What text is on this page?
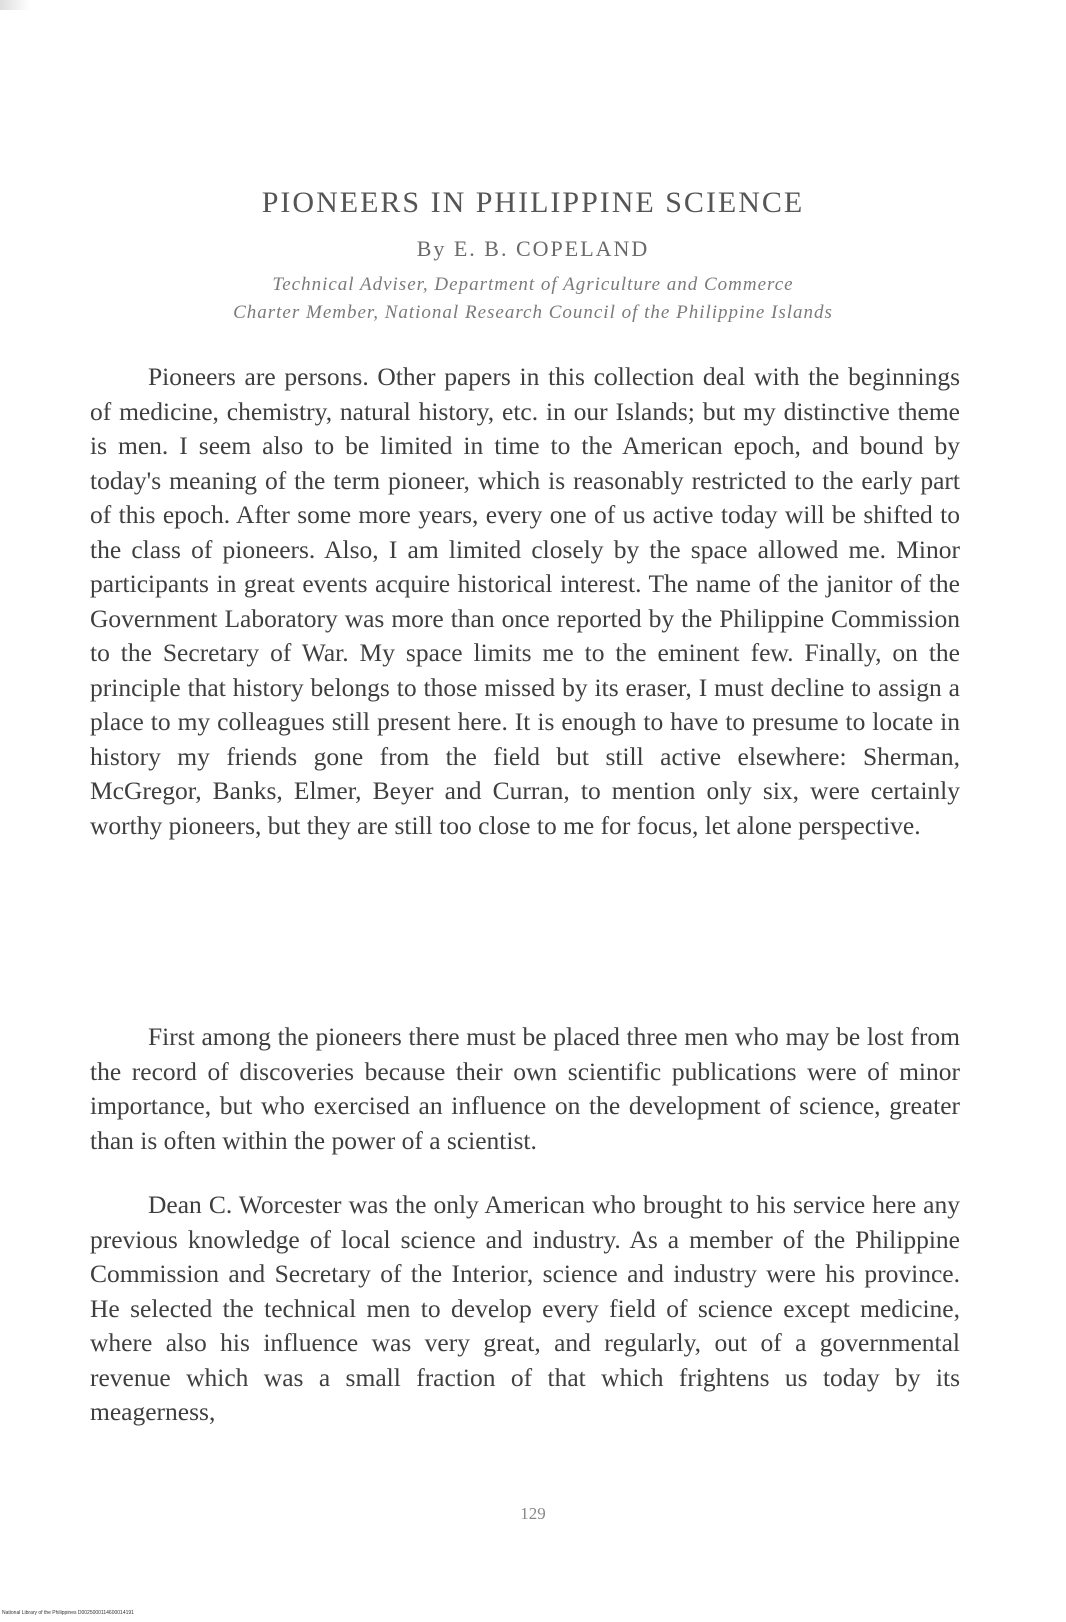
PIONEERS IN PHILIPPINE SCIENCE
By E. B. COPELAND
Technical Adviser, Department of Agriculture and Commerce
Charter Member, National Research Council of the Philippine Islands

Pioneers are persons. Other papers in this collection deal with the beginnings of medicine, chemistry, natural history, etc. in our Islands; but my distinctive theme is men. I seem also to be limited in time to the American epoch, and bound by today's meaning of the term pioneer, which is reasonably restricted to the early part of this epoch. After some more years, every one of us active today will be shifted to the class of pioneers. Also, I am limited closely by the space allowed me. Minor participants in great events acquire historical interest. The name of the janitor of the Government Laboratory was more than once reported by the Philippine Commission to the Secretary of War. My space limits me to the eminent few. Finally, on the principle that history belongs to those missed by its eraser, I must decline to assign a place to my colleagues still present here. It is enough to have to presume to locate in history my friends gone from the field but still active elsewhere: Sherman, McGregor, Banks, Elmer, Beyer and Curran, to mention only six, were certainly worthy pioneers, but they are still too close to me for focus, let alone perspective.

First among the pioneers there must be placed three men who may be lost from the record of discoveries because their own scientific publications were of minor importance, but who exercised an influence on the development of science, greater than is often within the power of a scientist.

Dean C. Worcester was the only American who brought to his service here any previous knowledge of local science and industry. As a member of the Philippine Commission and Secretary of the Interior, science and industry were his province. He selected the technical men to develop every field of science except medicine, where also his influence was very great, and regularly, out of a governmental revenue which was a small fraction of that which frightens us today by its meagerness,

129
National Library of the Philippines D0025000114600014191
